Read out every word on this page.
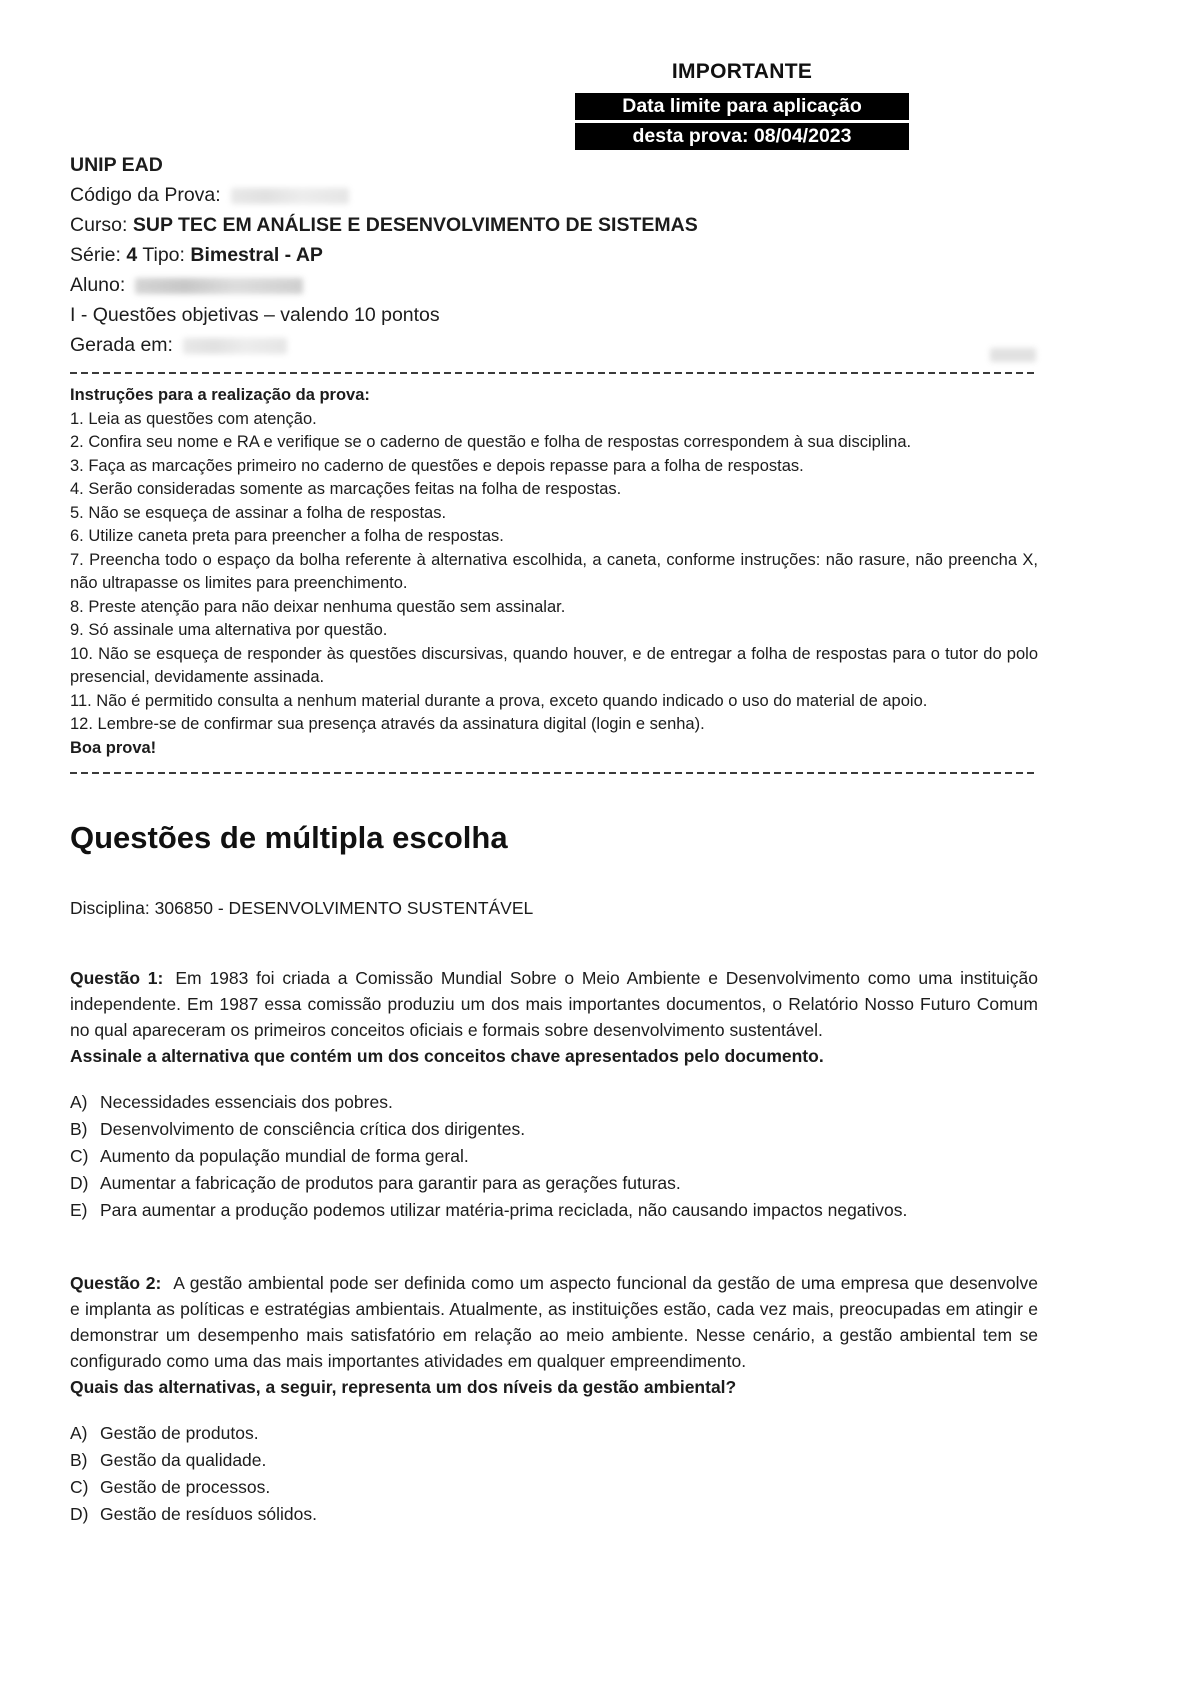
IMPORTANTE
Data limite para aplicação
desta prova: 08/04/2023
UNIP EAD
Código da Prova:
Curso: SUP TEC EM ANÁLISE E DESENVOLVIMENTO DE SISTEMAS
Série: 4 Tipo: Bimestral - AP
Aluno:
I - Questões objetivas – valendo 10 pontos
Gerada em:
Instruções para a realização da prova:
1. Leia as questões com atenção.
2. Confira seu nome e RA e verifique se o caderno de questão e folha de respostas correspondem à sua disciplina.
3. Faça as marcações primeiro no caderno de questões e depois repasse para a folha de respostas.
4. Serão consideradas somente as marcações feitas na folha de respostas.
5. Não se esqueça de assinar a folha de respostas.
6. Utilize caneta preta para preencher a folha de respostas.
7. Preencha todo o espaço da bolha referente à alternativa escolhida, a caneta, conforme instruções: não rasure, não preencha X, não ultrapasse os limites para preenchimento.
8. Preste atenção para não deixar nenhuma questão sem assinalar.
9. Só assinale uma alternativa por questão.
10. Não se esqueça de responder às questões discursivas, quando houver, e de entregar a folha de respostas para o tutor do polo presencial, devidamente assinada.
11. Não é permitido consulta a nenhum material durante a prova, exceto quando indicado o uso do material de apoio.
12. Lembre-se de confirmar sua presença através da assinatura digital (login e senha).
Boa prova!
Questões de múltipla escolha
Disciplina: 306850 - DESENVOLVIMENTO SUSTENTÁVEL

Questão 1: Em 1983 foi criada a Comissão Mundial Sobre o Meio Ambiente e Desenvolvimento como uma instituição independente. Em 1987 essa comissão produziu um dos mais importantes documentos, o Relatório Nosso Futuro Comum no qual apareceram os primeiros conceitos oficiais e formais sobre desenvolvimento sustentável.

Assinale a alternativa que contém um dos conceitos chave apresentados pelo documento.
A) Necessidades essenciais dos pobres.
B) Desenvolvimento de consciência crítica dos dirigentes.
C) Aumento da população mundial de forma geral.
D) Aumentar a fabricação de produtos para garantir para as gerações futuras.
E) Para aumentar a produção podemos utilizar matéria-prima reciclada, não causando impactos negativos.

Questão 2: A gestão ambiental pode ser definida como um aspecto funcional da gestão de uma empresa que desenvolve e implanta as políticas e estratégias ambientais. Atualmente, as instituições estão, cada vez mais, preocupadas em atingir e demonstrar um desempenho mais satisfatório em relação ao meio ambiente. Nesse cenário, a gestão ambiental tem se configurado como uma das mais importantes atividades em qualquer empreendimento.

Quais das alternativas, a seguir, representa um dos níveis da gestão ambiental?
A) Gestão de produtos.
B) Gestão da qualidade.
C) Gestão de processos.
D) Gestão de resíduos sólidos.
